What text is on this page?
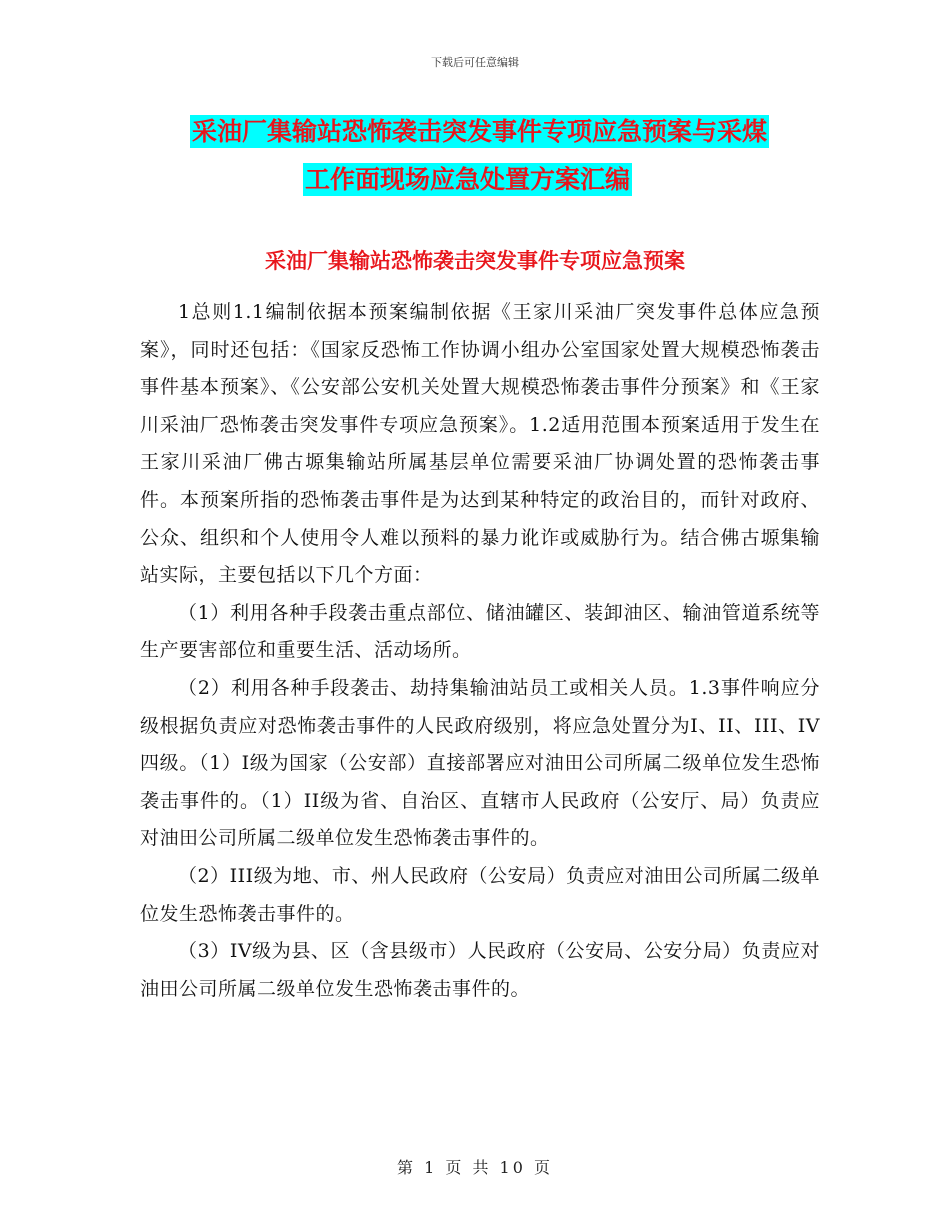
下载后可任意编辑
采油厂集输站恐怖袭击突发事件专项应急预案与采煤
工作面现场应急处置方案汇编
采油厂集输站恐怖袭击突发事件专项应急预案

1总则1.1编制依据本预案编制依据《王家川采油厂突发事件总体应急预案》，同时还包括：《国家反恐怖工作协调小组办公室国家处置大规模恐怖袭击事件基本预案》、《公安部公安机关处置大规模恐怖袭击事件分预案》和《王家川采油厂恐怖袭击突发事件专项应急预案》。1.2适用范围本预案适用于发生在王家川采油厂佛古塬集输站所属基层单位需要采油厂协调处置的恐怖袭击事件。本预案所指的恐怖袭击事件是为达到某种特定的政治目的，而针对政府、公众、组织和个人使用令人难以预料的暴力讹诈或威胁行为。结合佛古塬集输站实际，主要包括以下几个方面：

（1）利用各种手段袭击重点部位、储油罐区、装卸油区、输油管道系统等生产要害部位和重要生活、活动场所。

（2）利用各种手段袭击、劫持集输油站员工或相关人员。1.3事件响应分级根据负责应对恐怖袭击事件的人民政府级别，将应急处置分为I、II、III、IV四级。（1）I级为国家（公安部）直接部署应对油田公司所属二级单位发生恐怖袭击事件的。（1）II级为省、自治区、直辖市人民政府（公安厅、局）负责应对油田公司所属二级单位发生恐怖袭击事件的。

（2）III级为地、市、州人民政府（公安局）负责应对油田公司所属二级单位发生恐怖袭击事件的。

（3）IV级为县、区（含县级市）人民政府（公安局、公安分局）负责应对油田公司所属二级单位发生恐怖袭击事件的。

第 1 页 共 10 页
